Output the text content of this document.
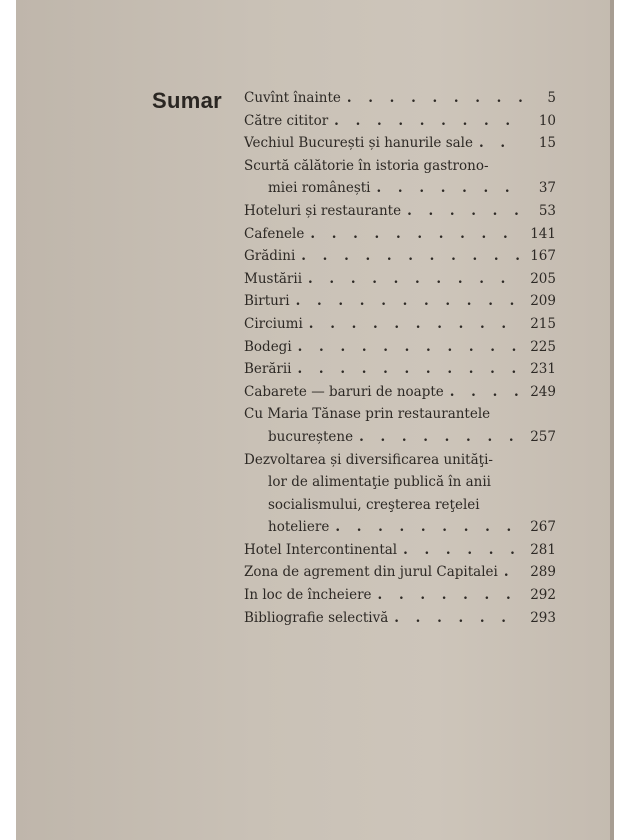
Sumar Cuvînt înainte . . .	5
Către cititor . . .	10
Vechiul București și hanurile sale . . .	15
Scurtă călătorie în istoria gastrono-
miei românești . . .	37
Hoteluri și restaurante . . .	53
Cafenele . . .	141
Grădini . . .	167
Mustării . . .	205
Birturi . . .	209
Circiumi . . .	215
Bodegi . . .	225
Berării . . .	231
Cabarete — baruri de noapte . . .	249
Cu Maria Tănase prin restaurantele
bucureștene . . .	257
Dezvoltarea și diversificarea unităţi-
lor de alimentaţie publică în anii
socialismului, creşterea reţelei
hoteliere . . .	267
Hotel Intercontinental . . .	281
Zona de agrement din jurul Capitalei . . .	289
In loc de încheiere . . .	292
Bibliografie selectivă . . .	293
